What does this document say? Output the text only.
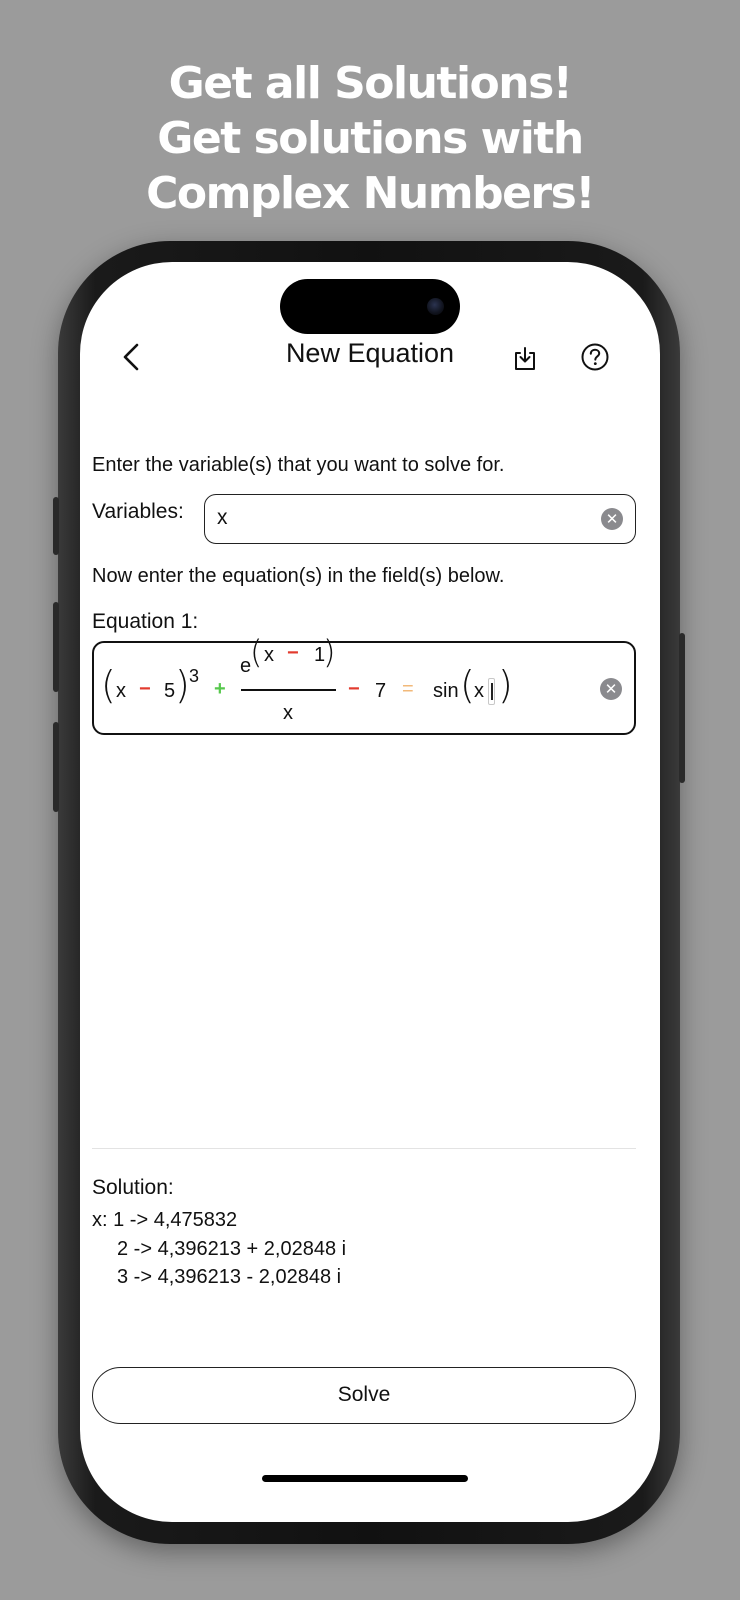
Get all Solutions!
Get solutions with
Complex Numbers!
New Equation
Enter the variable(s) that you want to solve for.
Variables:
x	✕
Now enter the equation(s) in the field(s) below.
Equation 1:
( x − 5 ) 3
+
e
( x − 1
)
x
− 7 = sin ( x )	✕
Solution:
x: 1 -> 4,475832
2 -> 4,396213 + 2,02848 i
3 -> 4,396213 - 2,02848 i
Solve
